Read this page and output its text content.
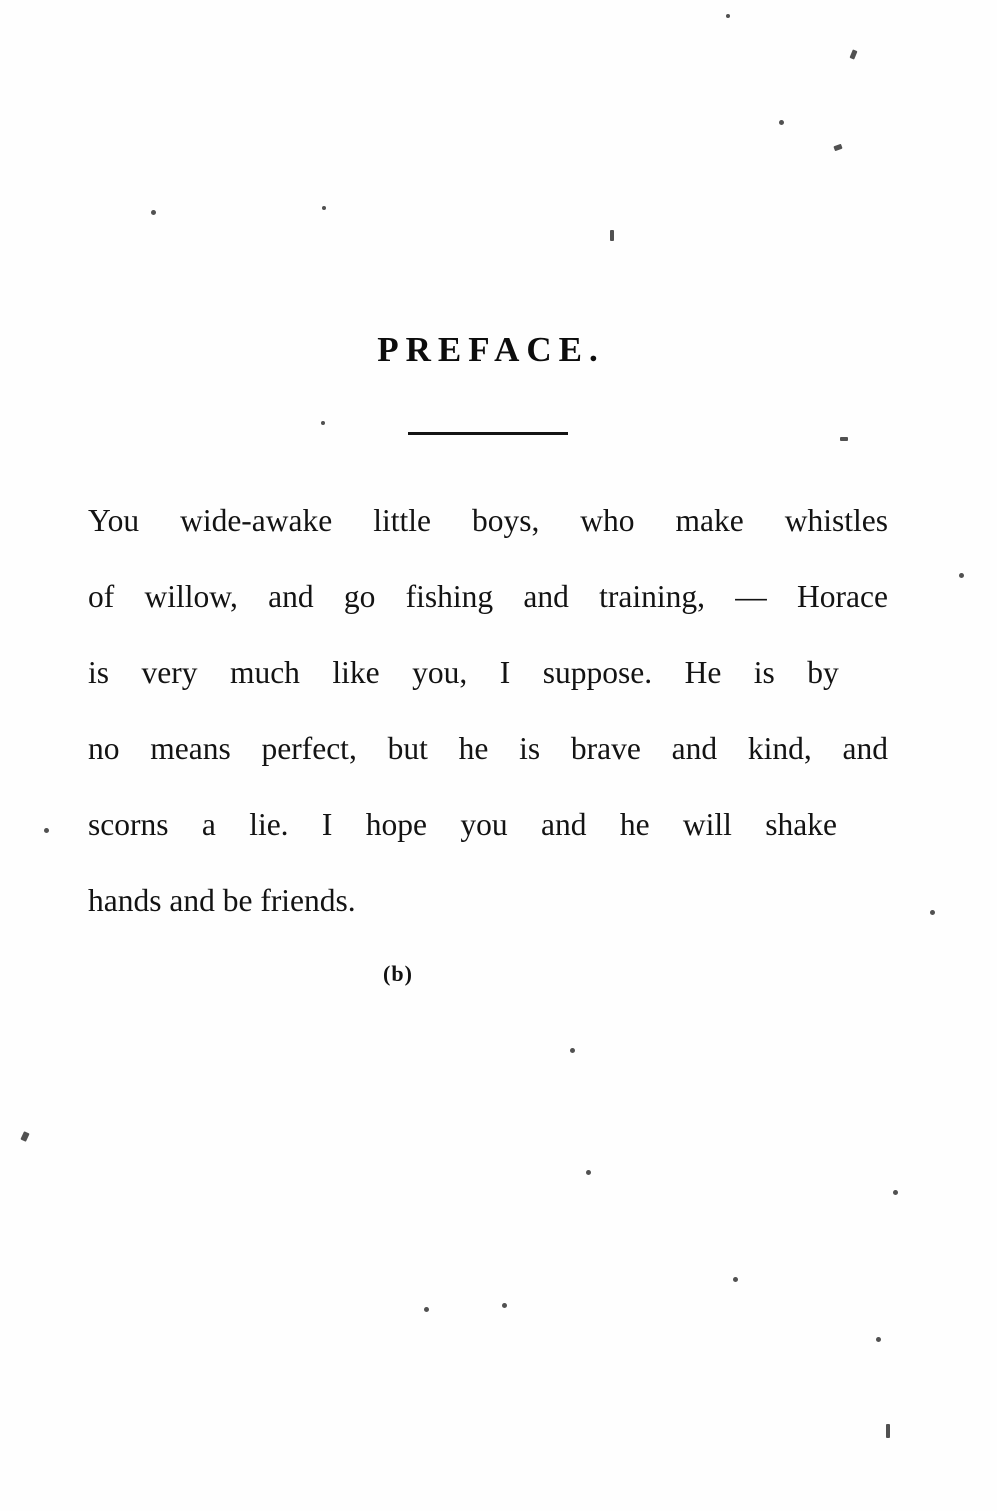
PREFACE.
You wide-awake little boys, who make whistles
of willow, and go fishing and training, — Horace
is very much like you, I suppose. He is by
no means perfect, but he is brave and kind, and
scorns a lie. I hope you and he will shake
hands and be friends.

(b)
